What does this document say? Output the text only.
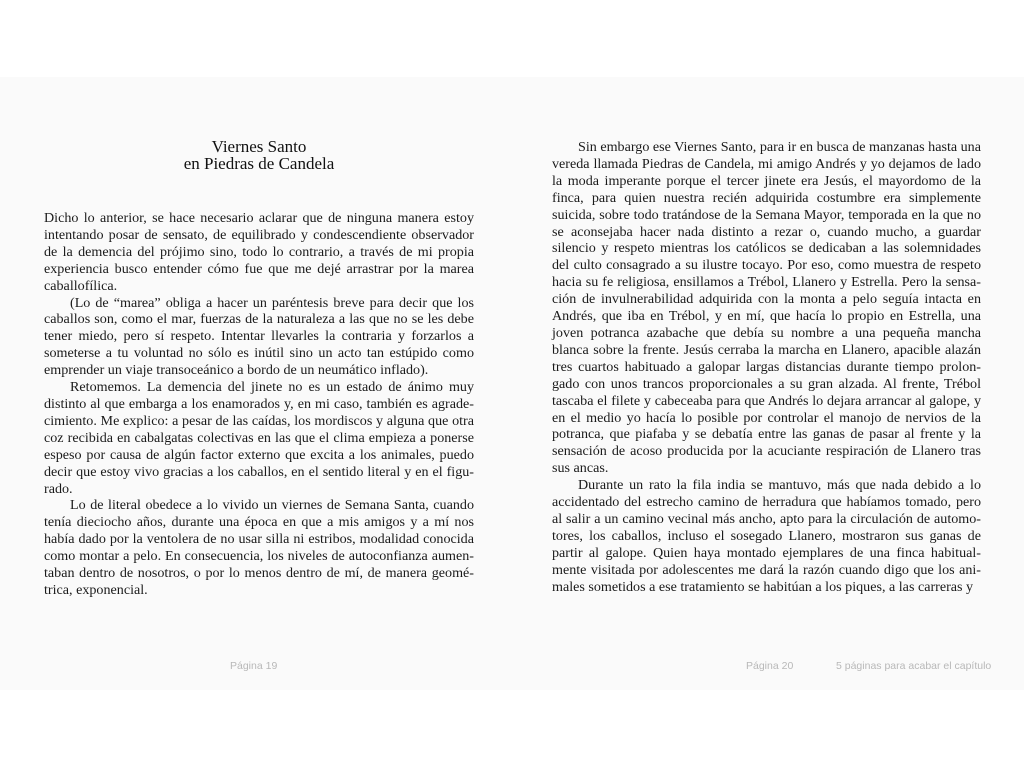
Viernes Santo
en Piedras de Candela

Dicho lo anterior, se hace necesario aclarar que de ninguna manera estoy intentando posar de sensato, de equilibrado y condescendiente observador de la demencia del prójimo sino, todo lo contrario, a través de mi propia experiencia busco entender cómo fue que me dejé arrastrar por la marea caballofílica.

(Lo de “marea” obliga a hacer un paréntesis breve para decir que los caballos son, como el mar, fuerzas de la naturaleza a las que no se les debe tener miedo, pero sí respeto. Intentar llevarles la contraria y forzarlos a someterse a tu voluntad no sólo es inútil sino un acto tan estúpido como emprender un viaje transoceánico a bordo de un neumático inflado).

Retomemos. La demencia del jinete no es un estado de ánimo muy distinto al que embarga a los enamorados y, en mi caso, también es agradecimiento. Me explico: a pesar de las caídas, los mordiscos y alguna que otra coz recibida en cabalgatas colectivas en las que el clima empieza a ponerse espeso por causa de algún factor externo que excita a los animales, puedo decir que estoy vivo gracias a los caballos, en el sentido literal y en el figurado.

Lo de literal obedece a lo vivido un viernes de Semana Santa, cuando tenía dieciocho años, durante una época en que a mis amigos y a mí nos había dado por la ventolera de no usar silla ni estribos, modalidad conocida como montar a pelo. En consecuencia, los niveles de autoconfianza aumentaban dentro de nosotros, o por lo menos dentro de mí, de manera geométrica, exponencial.

Sin embargo ese Viernes Santo, para ir en busca de manzanas hasta una vereda llamada Piedras de Candela, mi amigo Andrés y yo dejamos de lado la moda imperante porque el tercer jinete era Jesús, el mayordomo de la finca, para quien nuestra recién adquirida costumbre era simplemente suicida, sobre todo tratándose de la Semana Mayor, temporada en la que no se aconsejaba hacer nada distinto a rezar o, cuando mucho, a guardar silencio y respeto mientras los católicos se dedicaban a las solemnidades del culto consagrado a su ilustre tocayo. Por eso, como muestra de respeto hacia su fe religiosa, ensillamos a Trébol, Llanero y Estrella. Pero la sensación de invulnerabilidad adquirida con la monta a pelo seguía intacta en Andrés, que iba en Trébol, y en mí, que hacía lo propio en Estrella, una joven potranca azabache que debía su nombre a una pequeña mancha blanca sobre la frente. Jesús cerraba la marcha en Llanero, apacible alazán tres cuartos habituado a galopar largas distancias durante tiempo prolongado con unos trancos proporcionales a su gran alzada. Al frente, Trébol tascaba el filete y cabeceaba para que Andrés lo dejara arrancar al galope, y en el medio yo hacía lo posible por controlar el manojo de nervios de la potranca, que piafaba y se debatía entre las ganas de pasar al frente y la sensación de acoso producida por la acuciante respiración de Llanero tras sus ancas.

Durante un rato la fila india se mantuvo, más que nada debido a lo accidentado del estrecho camino de herradura que habíamos tomado, pero al salir a un camino vecinal más ancho, apto para la circulación de automotores, los caballos, incluso el sosegado Llanero, mostraron sus ganas de partir al galope. Quien haya montado ejemplares de una finca habitualmente visitada por adolescentes me dará la razón cuando digo que los animales sometidos a ese tratamiento se habitúan a los piques, a las carreras y

Página 19	Página 20	5 páginas para acabar el capítulo
